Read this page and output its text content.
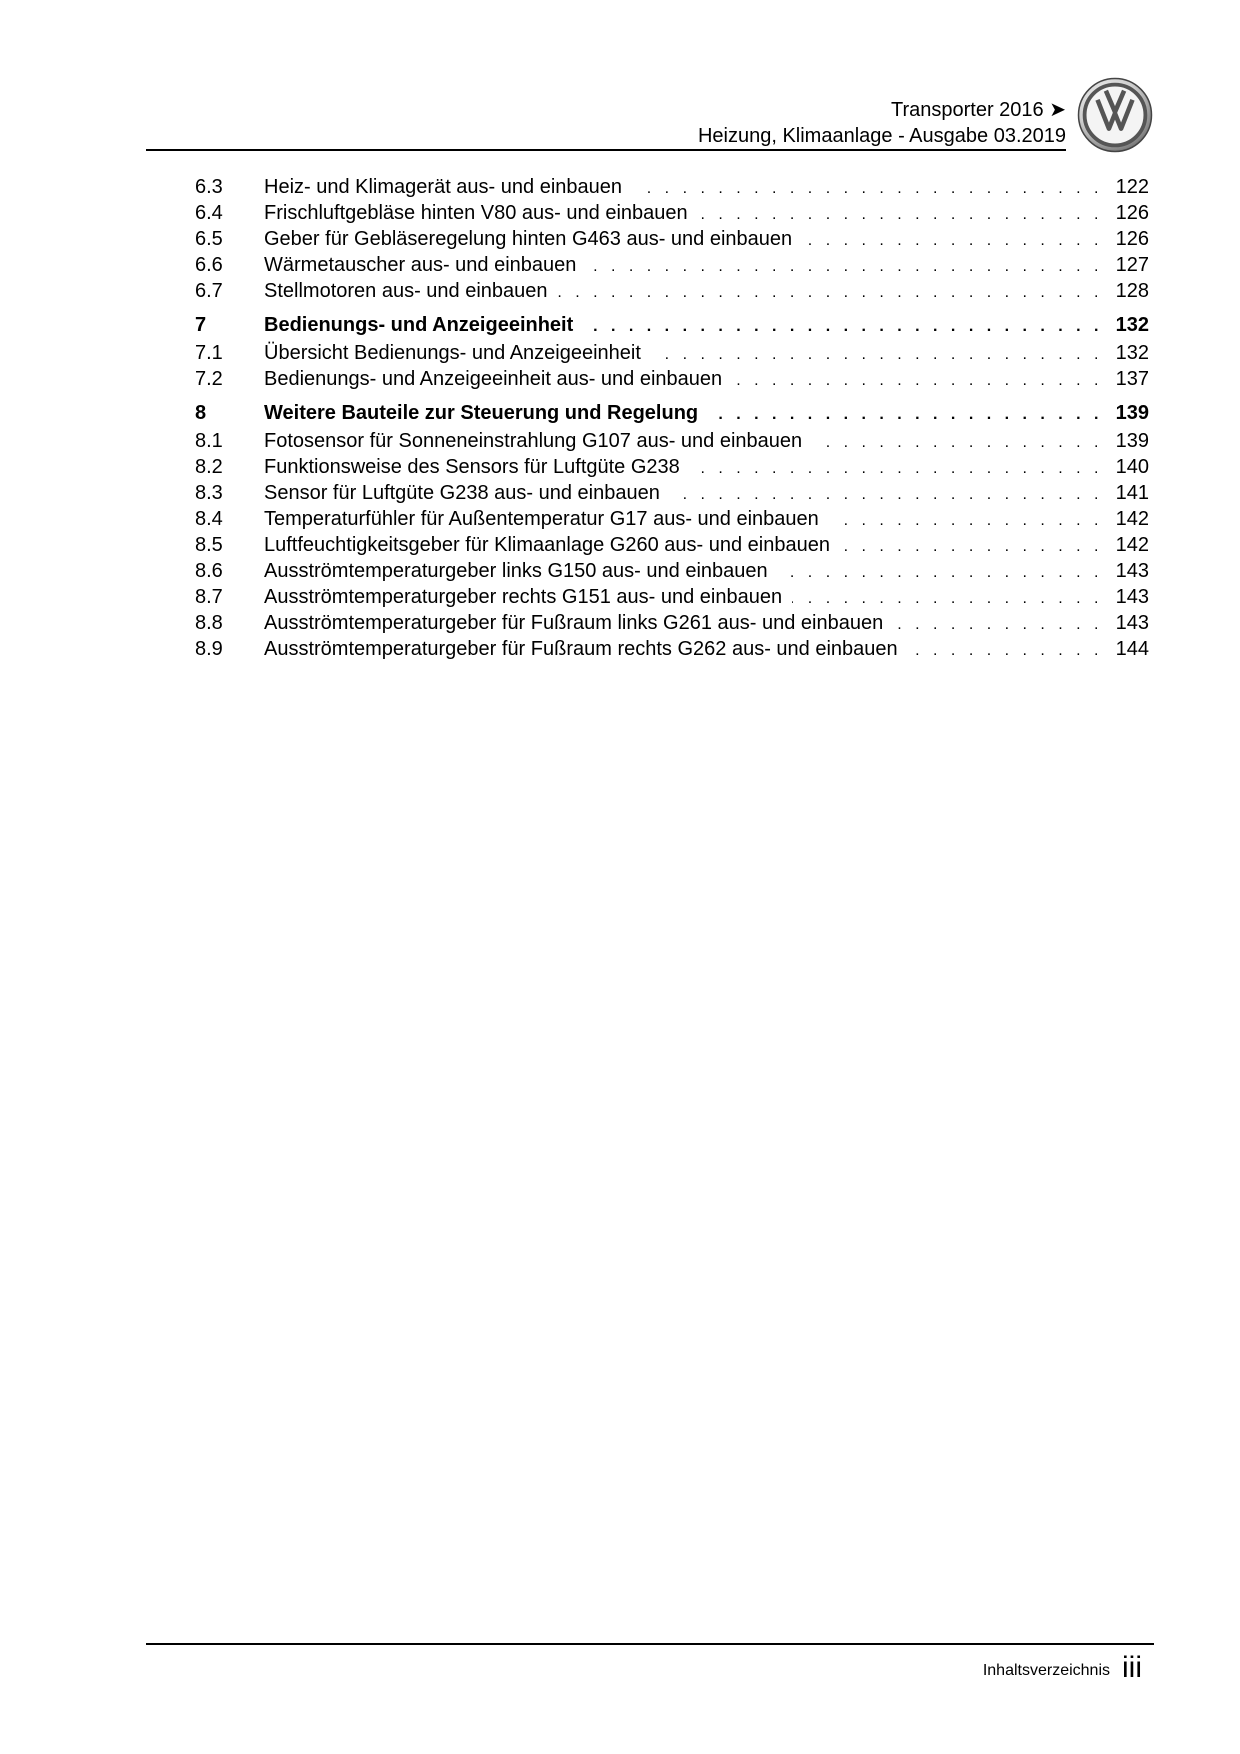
Transporter 2016 ➤
Heizung, Klimaanlage - Ausgabe 03.2019
6.3	Heiz- und Klimagerät aus- und einbauen . . .	122
6.4	Frischluftgebläse hinten V80 aus- und einbauen . . .	126
6.5	Geber für Gebläseregelung hinten G463 aus- und einbauen . . .	126
6.6	Wärmetauscher aus- und einbauen . . .	127
6.7	Stellmotoren aus- und einbauen . . .	128
7	Bedienungs- und Anzeigeeinheit . . .	132
7.1	Übersicht Bedienungs- und Anzeigeeinheit . . .	132
7.2	Bedienungs- und Anzeigeeinheit aus- und einbauen . . .	137
8	Weitere Bauteile zur Steuerung und Regelung . . .	139
8.1	Fotosensor für Sonneneinstrahlung G107 aus- und einbauen . . .	139
8.2	Funktionsweise des Sensors für Luftgüte G238 . . .	140
8.3	Sensor für Luftgüte G238 aus- und einbauen . . .	141
8.4	Temperaturfühler für Außentemperatur G17 aus- und einbauen . . .	142
8.5	Luftfeuchtigkeitsgeber für Klimaanlage G260 aus- und einbauen . . .	142
8.6	Ausströmtemperaturgeber links G150 aus- und einbauen . . .	143
8.7	Ausströmtemperaturgeber rechts G151 aus- und einbauen . . .	143
8.8	Ausströmtemperaturgeber für Fußraum links G261 aus- und einbauen . . .	143
8.9	Ausströmtemperaturgeber für Fußraum rechts G262 aus- und einbauen . . .	144
Inhaltsverzeichnis iii
